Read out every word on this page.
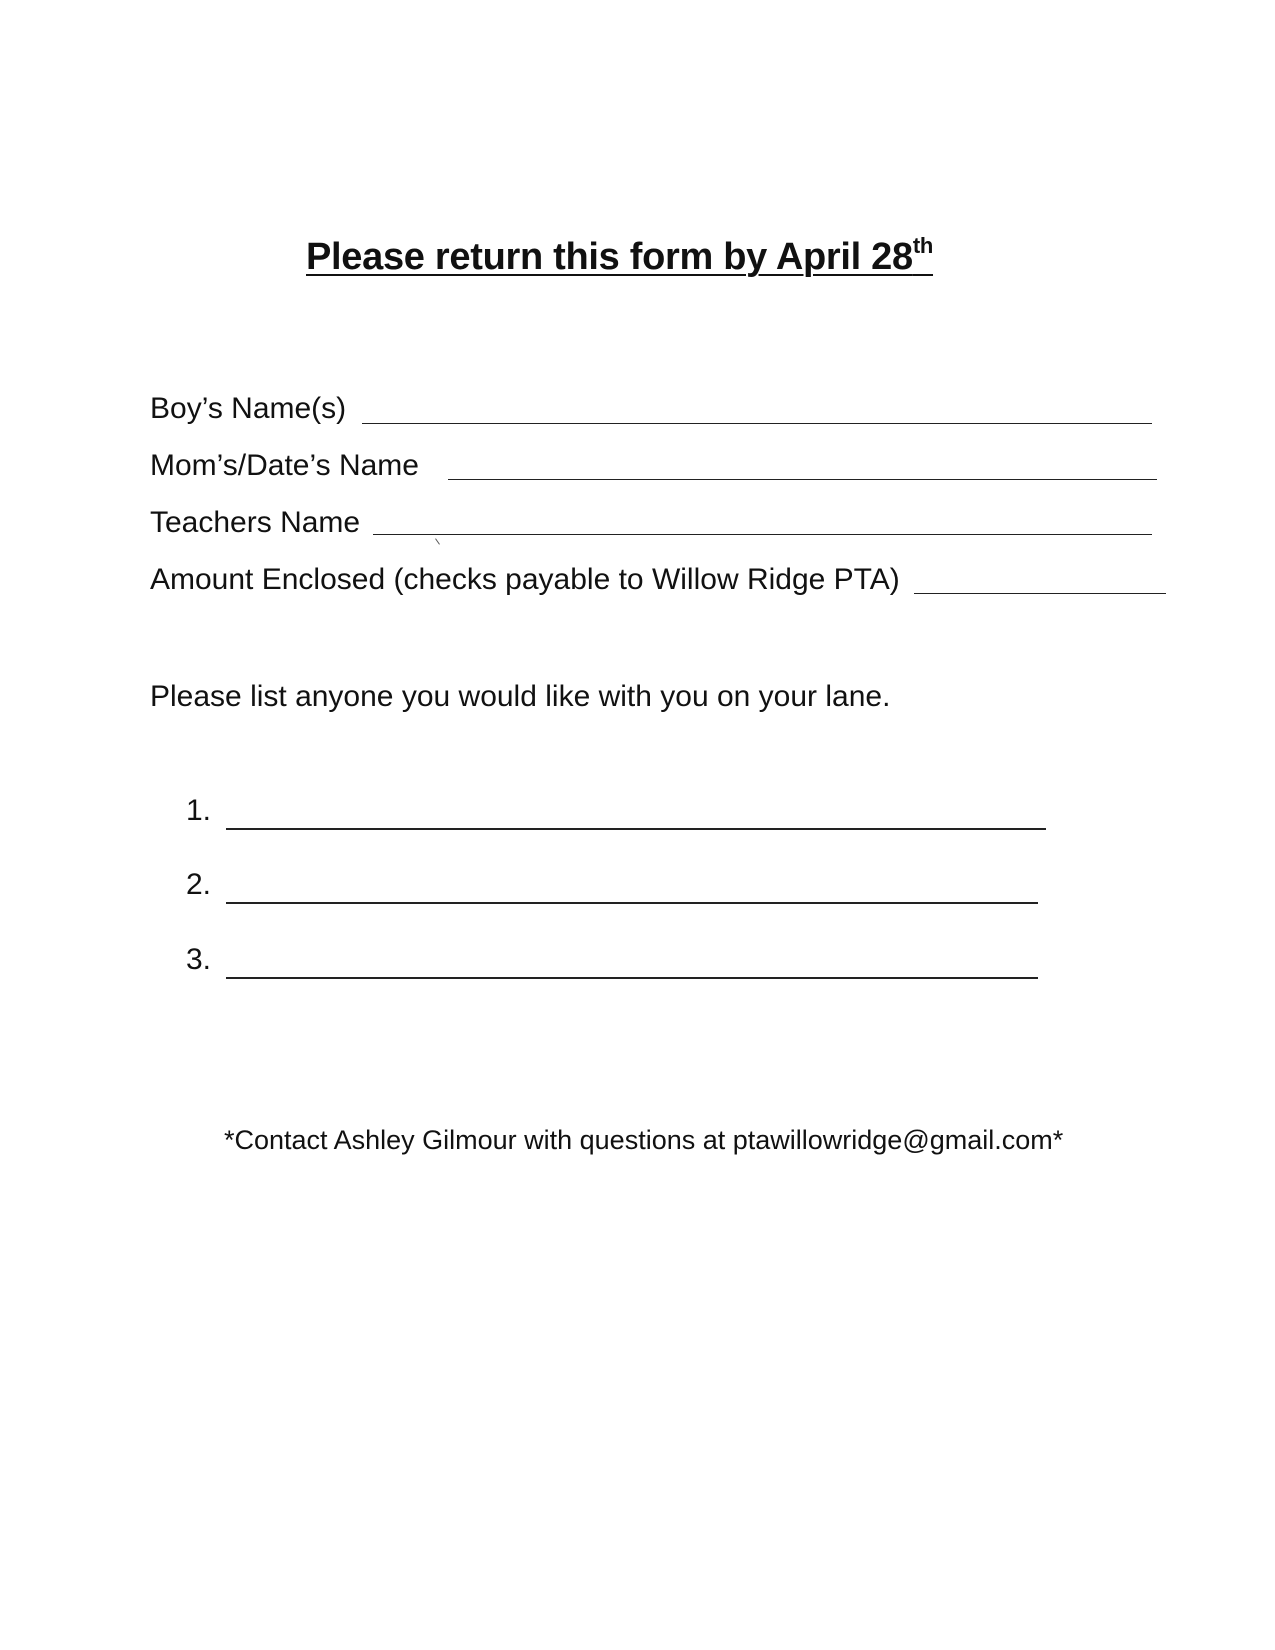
Please return this form by April 28th
Boy’s Name(s)
Mom’s/Date’s Name
Teachers Name
Amount Enclosed (checks payable to Willow Ridge PTA)
Please list anyone you would like with you on your lane.
1.
2.
3.
*Contact Ashley Gilmour with questions at ptawillowridge@gmail.com*
